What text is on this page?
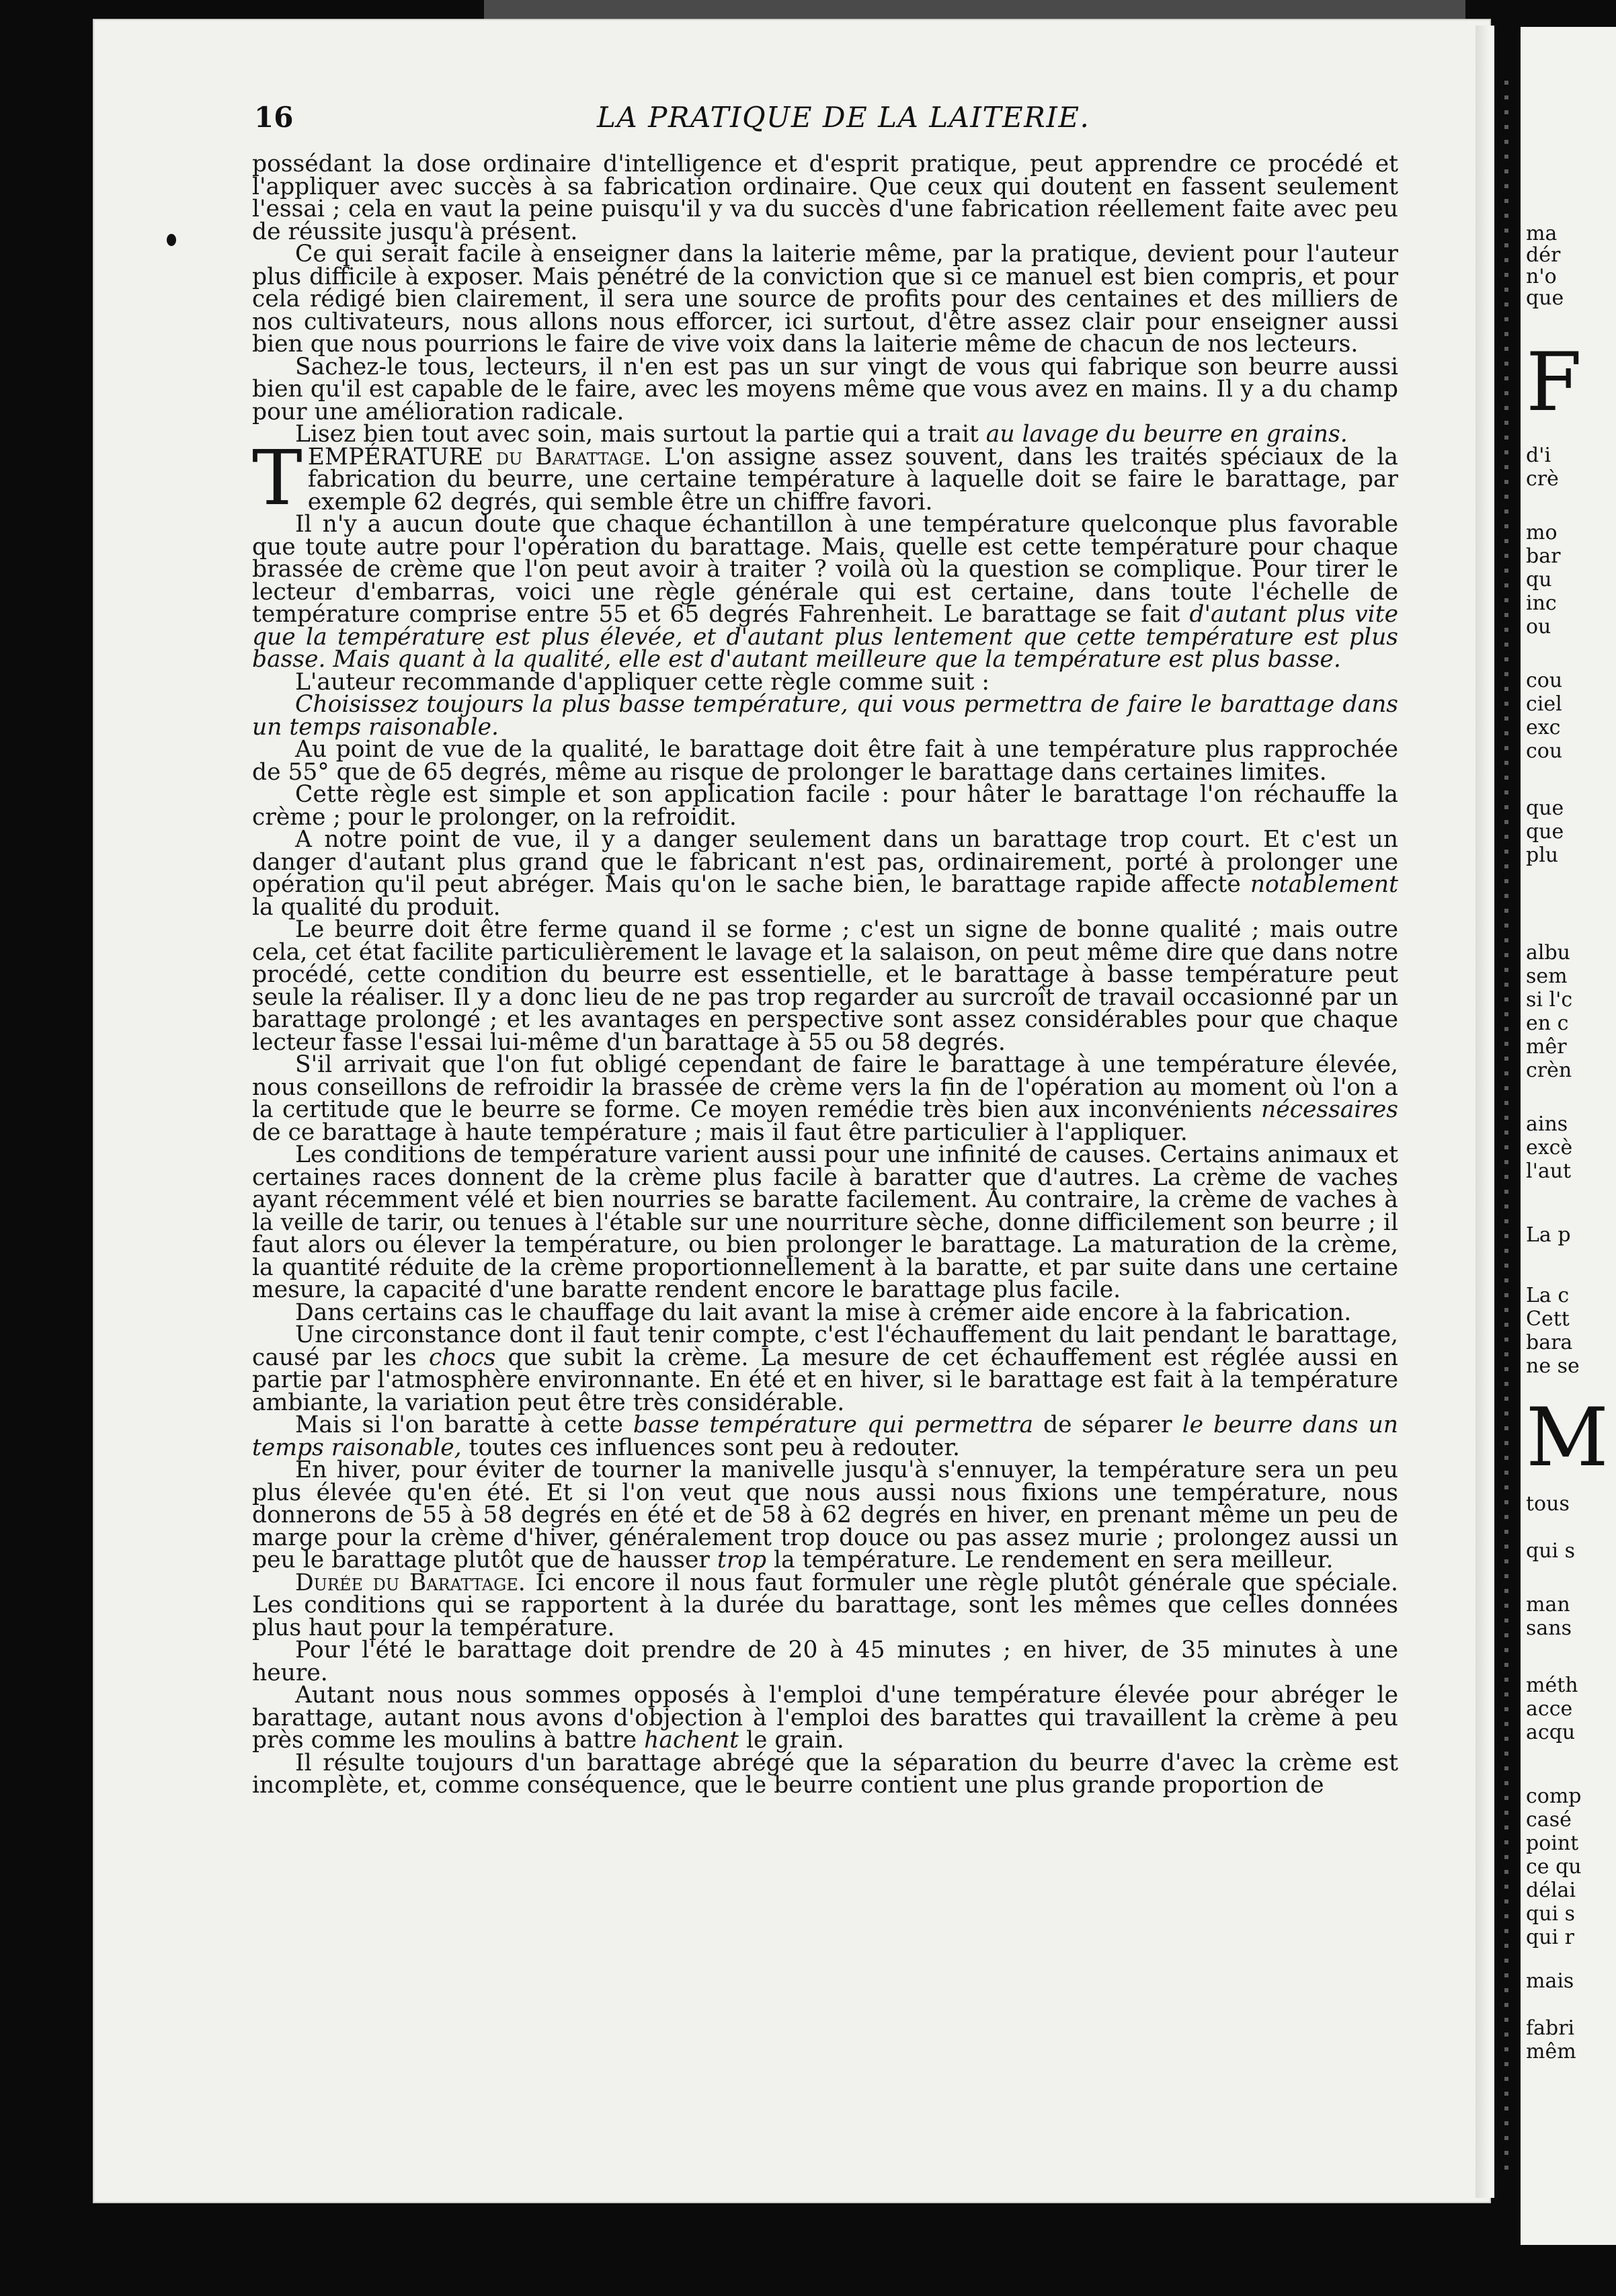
16	LA PRATIQUE DE LA LAITERIE.

possédant la dose ordinaire d'intelligence et d'esprit pratique, peut apprendre ce procédé et l'appliquer avec succès à sa fabrication ordinaire. Que ceux qui doutent en fassent seulement l'essai ; cela en vaut la peine puisqu'il y va du succès d'une fabrication réellement faite avec peu de réussite jusqu'à présent.

Ce qui serait facile à enseigner dans la laiterie même, par la pratique, devient pour l'auteur plus difficile à exposer. Mais pénétré de la conviction que si ce manuel est bien compris, et pour cela rédigé bien clairement, il sera une source de profits pour des centaines et des milliers de nos cultivateurs, nous allons nous efforcer, ici surtout, d'être assez clair pour enseigner aussi bien que nous pourrions le faire de vive voix dans la laiterie même de chacun de nos lecteurs.

Sachez-le tous, lecteurs, il n'en est pas un sur vingt de vous qui fabrique son beurre aussi bien qu'il est capable de le faire, avec les moyens même que vous avez en mains. Il y a du champ pour une amélioration radicale.

Lisez bien tout avec soin, mais surtout la partie qui a trait au lavage du beurre en grains.

TEMPÉRATURE du Barattage. L'on assigne assez souvent, dans les traités spéciaux de la fabrication du beurre, une certaine température à laquelle doit se faire le barattage, par exemple 62 degrés, qui semble être un chiffre favori.

Il n'y a aucun doute que chaque échantillon à une température quelconque plus favorable que toute autre pour l'opération du barattage. Mais, quelle est cette température pour chaque brassée de crème que l'on peut avoir à traiter ? voilà où la question se complique. Pour tirer le lecteur d'embarras, voici une règle générale qui est certaine, dans toute l'échelle de température comprise entre 55 et 65 degrés Fahrenheit. Le barattage se fait d'autant plus vite que la température est plus élevée, et d'autant plus lentement que cette température est plus basse. Mais quant à la qualité, elle est d'autant meilleure que la température est plus basse.

L'auteur recommande d'appliquer cette règle comme suit :

Choisissez toujours la plus basse température, qui vous permettra de faire le barattage dans un temps raisonable.

Au point de vue de la qualité, le barattage doit être fait à une température plus rapprochée de 55° que de 65 degrés, même au risque de prolonger le barattage dans certaines limites.

Cette règle est simple et son application facile : pour hâter le barattage l'on réchauffe la crème ; pour le prolonger, on la refroidit.

A notre point de vue, il y a danger seulement dans un barattage trop court. Et c'est un danger d'autant plus grand que le fabricant n'est pas, ordinairement, porté à prolonger une opération qu'il peut abréger. Mais qu'on le sache bien, le barattage rapide affecte notablement la qualité du produit.

Le beurre doit être ferme quand il se forme ; c'est un signe de bonne qualité ; mais outre cela, cet état facilite particulièrement le lavage et la salaison, on peut même dire que dans notre procédé, cette condition du beurre est essentielle, et le barattage à basse température peut seule la réaliser. Il y a donc lieu de ne pas trop regarder au surcroît de travail occasionné par un barattage prolongé ; et les avantages en perspective sont assez considérables pour que chaque lecteur fasse l'essai lui-même d'un barattage à 55 ou 58 degrés.

S'il arrivait que l'on fut obligé cependant de faire le barattage à une température élevée, nous conseillons de refroidir la brassée de crème vers la fin de l'opération au moment où l'on a la certitude que le beurre se forme. Ce moyen remédie très bien aux inconvénients nécessaires de ce barattage à haute température ; mais il faut être particulier à l'appliquer.

Les conditions de température varient aussi pour une infinité de causes. Certains animaux et certaines races donnent de la crème plus facile à baratter que d'autres. La crème de vaches ayant récemment vélé et bien nourries se baratte facilement. Au contraire, la crème de vaches à la veille de tarir, ou tenues à l'étable sur une nourriture sèche, donne difficilement son beurre ; il faut alors ou élever la température, ou bien prolonger le barattage. La maturation de la crème, la quantité réduite de la crème proportionnellement à la baratte, et par suite dans une certaine mesure, la capacité d'une baratte rendent encore le barattage plus facile.

Dans certains cas le chauffage du lait avant la mise à crémer aide encore à la fabrication.

Une circonstance dont il faut tenir compte, c'est l'échauffement du lait pendant le barattage, causé par les chocs que subit la crème. La mesure de cet échauffement est réglée aussi en partie par l'atmosphère environnante. En été et en hiver, si le barattage est fait à la température ambiante, la variation peut être très considérable.

Mais si l'on baratte à cette basse température qui permettra de séparer le beurre dans un temps raisonable, toutes ces influences sont peu à redouter.

En hiver, pour éviter de tourner la manivelle jusqu'à s'ennuyer, la température sera un peu plus élevée qu'en été. Et si l'on veut que nous aussi nous fixions une température, nous donnerons de 55 à 58 degrés en été et de 58 à 62 degrés en hiver, en prenant même un peu de marge pour la crème d'hiver, généralement trop douce ou pas assez murie ; prolongez aussi un peu le barattage plutôt que de hausser trop la température. Le rendement en sera meilleur.

Durée du Barattage. Ici encore il nous faut formuler une règle plutôt générale que spéciale. Les conditions qui se rapportent à la durée du barattage, sont les mêmes que celles données plus haut pour la température.

Pour l'été le barattage doit prendre de 20 à 45 minutes ; en hiver, de 35 minutes à une heure.

Autant nous nous sommes opposés à l'emploi d'une température élevée pour abréger le barattage, autant nous avons d'objection à l'emploi des barattes qui travaillent la crème à peu près comme les moulins à battre hachent le grain.

Il résulte toujours d'un barattage abrégé que la séparation du beurre d'avec la crème est incomplète, et, comme conséquence, que le beurre contient une plus grande proportion de

ma
dér
n'o
que
F
d'i
crè
mo
bar
qu
inc
ou
cou
ciel
exc
cou
que
que
plu
albu
sem
si l'c
en c
mêr
crèn
ains
excè
l'aut
La p
La c
Cett
bara
ne se
M
tous
qui s
man
sans
méth
acce
acqu
comp
casé
point
ce qu
délai
qui s
qui r
mais
fabri
mêm
